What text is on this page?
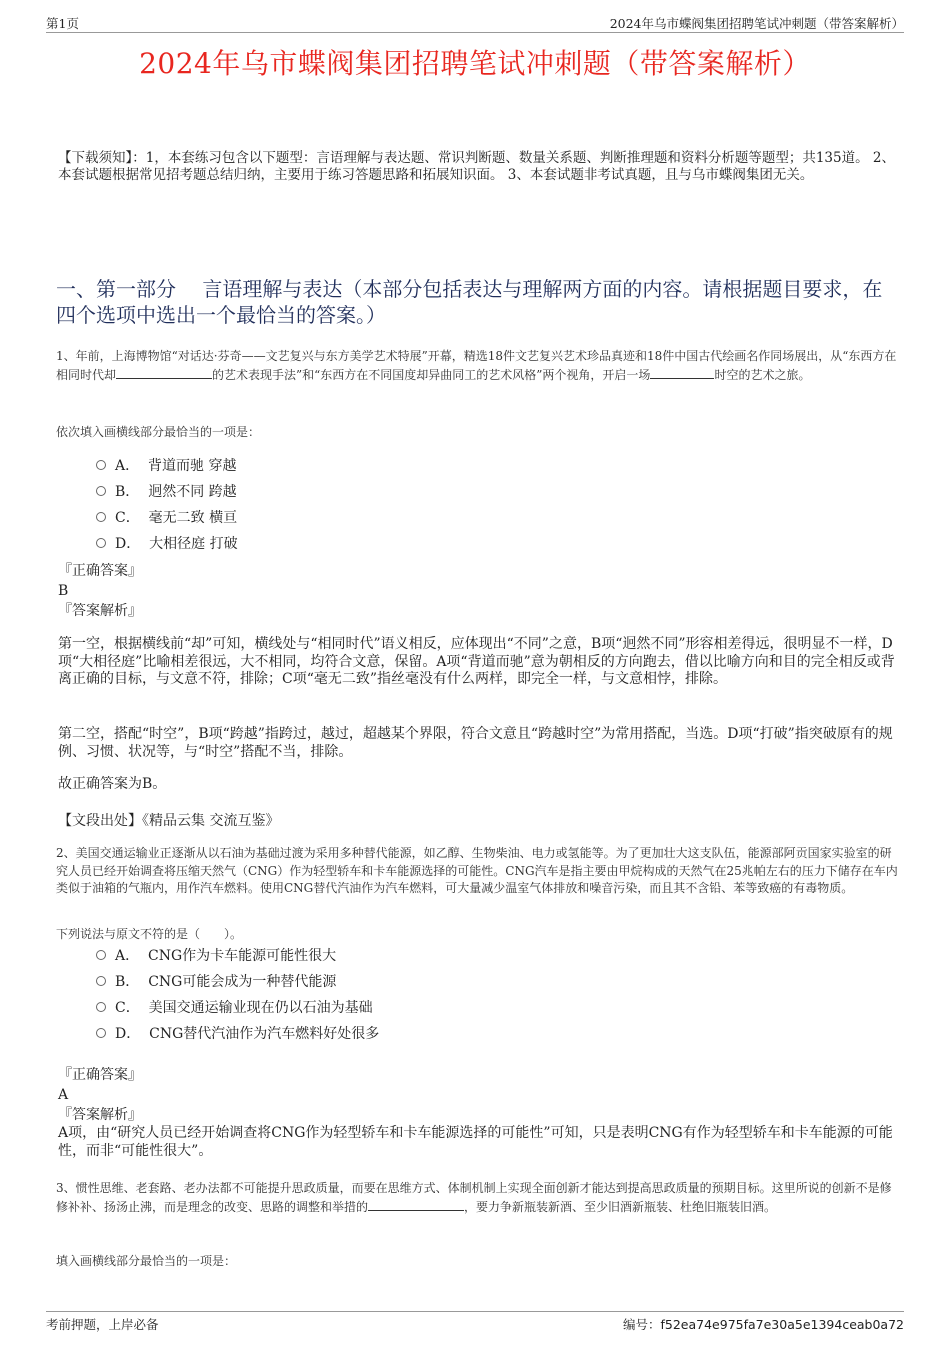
第1页	2024年乌市蝶阀集团招聘笔试冲刺题（带答案解析）
2024年乌市蝶阀集团招聘笔试冲刺题（带答案解析）
【下载须知】：1，本套练习包含以下题型：言语理解与表达题、常识判断题、数量关系题、判断推理题和资料分析题等题型；共135道。 2、本套试题根据常见招考题总结归纳，主要用于练习答题思路和拓展知识面。 3、本套试题非考试真题，且与乌市蝶阀集团无关。
一、第一部分　 言语理解与表达（本部分包括表达与理解两方面的内容。请根据题目要求，在四个选项中选出一个最恰当的答案。）
1、年前，上海博物馆“对话达·芬奇——文艺复兴与东方美学艺术特展”开幕，精选18件文艺复兴艺术珍品真迹和18件中国古代绘画名作同场展出，从“东西方在相同时代却	的艺术表现手法”和“东西方在不同国度却异曲同工的艺术风格”两个视角，开启一场	时空的艺术之旅。
依次填入画横线部分最恰当的一项是：
A． 背道而驰 穿越
B． 迥然不同 跨越
C． 毫无二致 横亘
D． 大相径庭 打破
『正确答案』
B
『答案解析』
第一空，根据横线前“却”可知，横线处与“相同时代”语义相反，应体现出“不同”之意，B项“迥然不同”形容相差得远，很明显不一样，D项“大相径庭”比喻相差很远，大不相同，均符合文意，保留。A项“背道而驰”意为朝相反的方向跑去，借以比喻方向和目的完全相反或背离正确的目标，与文意不符，排除；C项“毫无二致”指丝毫没有什么两样，即完全一样，与文意相悖，排除。
第二空，搭配“时空”，B项“跨越”指跨过，越过，超越某个界限，符合文意且“跨越时空”为常用搭配，当选。D项“打破”指突破原有的规例、习惯、状况等，与“时空”搭配不当，排除。
故正确答案为B。
【文段出处】《精品云集 交流互鉴》
2、美国交通运输业正逐渐从以石油为基础过渡为采用多种替代能源，如乙醇、生物柴油、电力或氢能等。为了更加壮大这支队伍，能源部阿贡国家实验室的研究人员已经开始调查将压缩天然气（CNG）作为轻型轿车和卡车能源选择的可能性。CNG汽车是指主要由甲烷构成的天然气在25兆帕左右的压力下储存在车内类似于油箱的气瓶内，用作汽车燃料。使用CNG替代汽油作为汽车燃料，可大量减少温室气体排放和噪音污染，而且其不含铅、苯等致癌的有毒物质。
下列说法与原文不符的是（　　）。
A． CNG作为卡车能源可能性很大
B． CNG可能会成为一种替代能源
C． 美国交通运输业现在仍以石油为基础
D． CNG替代汽油作为汽车燃料好处很多
『正确答案』
A
『答案解析』
A项，由“研究人员已经开始调查将CNG作为轻型轿车和卡车能源选择的可能性”可知，只是表明CNG有作为轻型轿车和卡车能源的可能性，而非“可能性很大”。
3、惯性思维、老套路、老办法都不可能提升思政质量，而要在思维方式、体制机制上实现全面创新才能达到提高思政质量的预期目标。这里所说的创新不是修修补补、扬汤止沸，而是理念的改变、思路的调整和举措的	，要力争新瓶装新酒、至少旧酒新瓶装、杜绝旧瓶装旧酒。
填入画横线部分最恰当的一项是：
考前押题，上岸必备	编号：f52ea74e975fa7e30a5e1394ceab0a72
